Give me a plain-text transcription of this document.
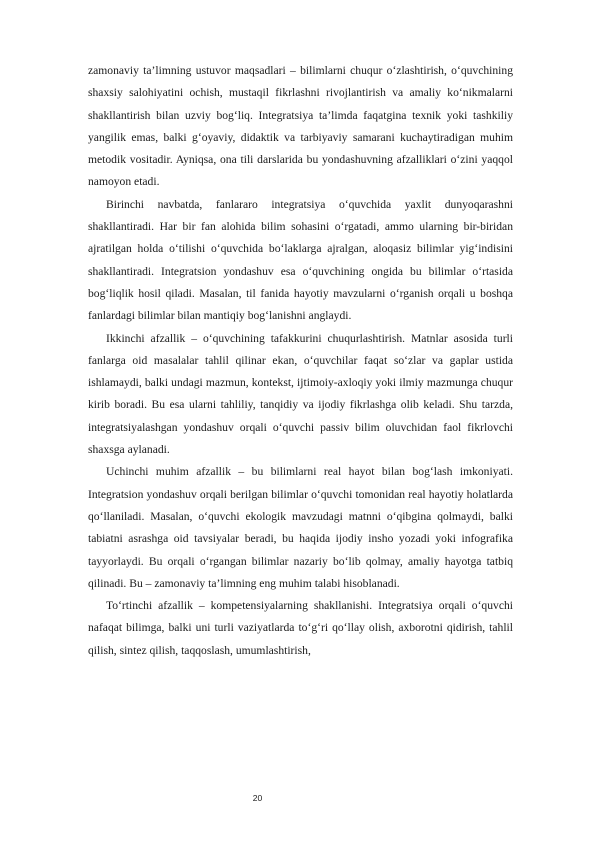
zamonaviy ta’limning ustuvor maqsadlari – bilimlarni chuqur o‘zlashtirish, o‘quvchining shaxsiy salohiyatini ochish, mustaqil fikrlashni rivojlantirish va amaliy ko‘nikmalarni shakllantirish bilan uzviy bog‘liq. Integratsiya ta’limda faqatgina texnik yoki tashkiliy yangilik emas, balki g‘oyaviy, didaktik va tarbiyaviy samarani kuchaytiradigan muhim metodik vositadir. Ayniqsa, ona tili darslarida bu yondashuvning afzalliklari o‘zini yaqqol namoyon etadi.

Birinchi navbatda, fanlararo integratsiya o‘quvchida yaxlit dunyoqarashni shakllantiradi. Har bir fan alohida bilim sohasini o‘rgatadi, ammo ularning bir-biridan ajratilgan holda o‘tilishi o‘quvchida bo‘laklarga ajralgan, aloqasiz bilimlar yig‘indisini shakllantiradi. Integratsion yondashuv esa o‘quvchining ongida bu bilimlar o‘rtasida bog‘liqlik hosil qiladi. Masalan, til fanida hayotiy mavzularni o‘rganish orqali u boshqa fanlardagi bilimlar bilan mantiqiy bog‘lanishni anglaydi.

Ikkinchi afzallik – o‘quvchining tafakkurini chuqurlashtirish. Matnlar asosida turli fanlarga oid masalalar tahlil qilinar ekan, o‘quvchilar faqat so‘zlar va gaplar ustida ishlamaydi, balki undagi mazmun, kontekst, ijtimoiy-axloqiy yoki ilmiy mazmunga chuqur kirib boradi. Bu esa ularni tahliliy, tanqidiy va ijodiy fikrlashga olib keladi. Shu tarzda, integratsiyalashgan yondashuv orqali o‘quvchi passiv bilim oluvchidan faol fikrlovchi shaxsga aylanadi.

Uchinchi muhim afzallik – bu bilimlarni real hayot bilan bog‘lash imkoniyati. Integratsion yondashuv orqali berilgan bilimlar o‘quvchi tomonidan real hayotiy holatlarda qo‘llaniladi. Masalan, o‘quvchi ekologik mavzudagi matnni o‘qibgina qolmaydi, balki tabiatni asrashga oid tavsiyalar beradi, bu haqida ijodiy insho yozadi yoki infografika tayyorlaydi. Bu orqali o‘rgangan bilimlar nazariy bo‘lib qolmay, amaliy hayotga tatbiq qilinadi. Bu – zamonaviy ta’limning eng muhim talabi hisoblanadi.

To‘rtinchi afzallik – kompetensiyalarning shakllanishi. Integratsiya orqali o‘quvchi nafaqat bilimga, balki uni turli vaziyatlarda to‘g‘ri qo‘llay olish, axborotni qidirish, tahlil qilish, sintez qilish, taqqoslash, umumlashtirish,

20
